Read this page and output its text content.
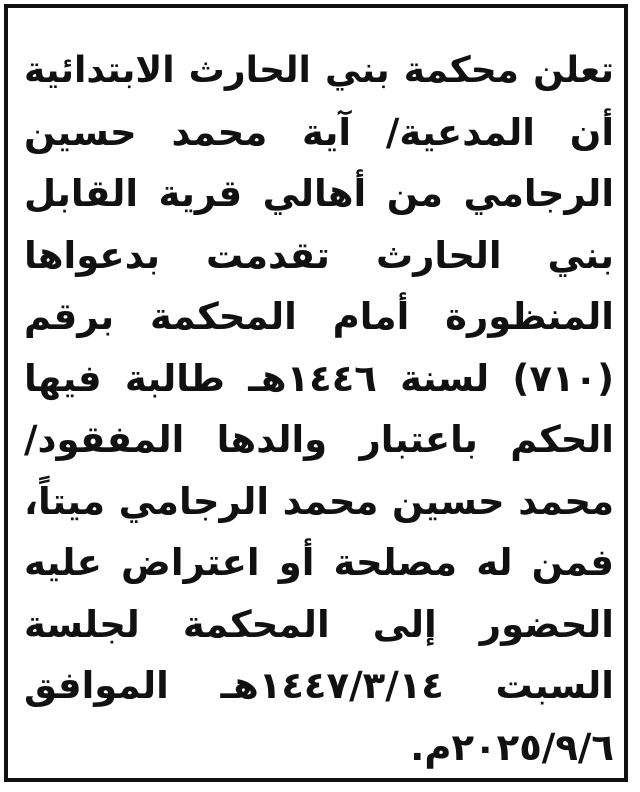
تعلن محكمة بني الحارث الابتدائية
أن المدعية/ آية محمد حسين
الرجامي من أهالي قرية القابل
بني الحارث تقدمت بدعواها
المنظورة أمام المحكمة برقم
(٧١٠) لسنة ١٤٤٦هـ طالبة فيها
الحكم باعتبار والدها المفقود/
محمد حسين محمد الرجامي ميتاً،
فمن له مصلحة أو اعتراض عليه
الحضور إلى المحكمة لجلسة
السبت ١٤٤٧/٣/١٤هـ الموافق
٢٠٢٥/٩/٦م.
